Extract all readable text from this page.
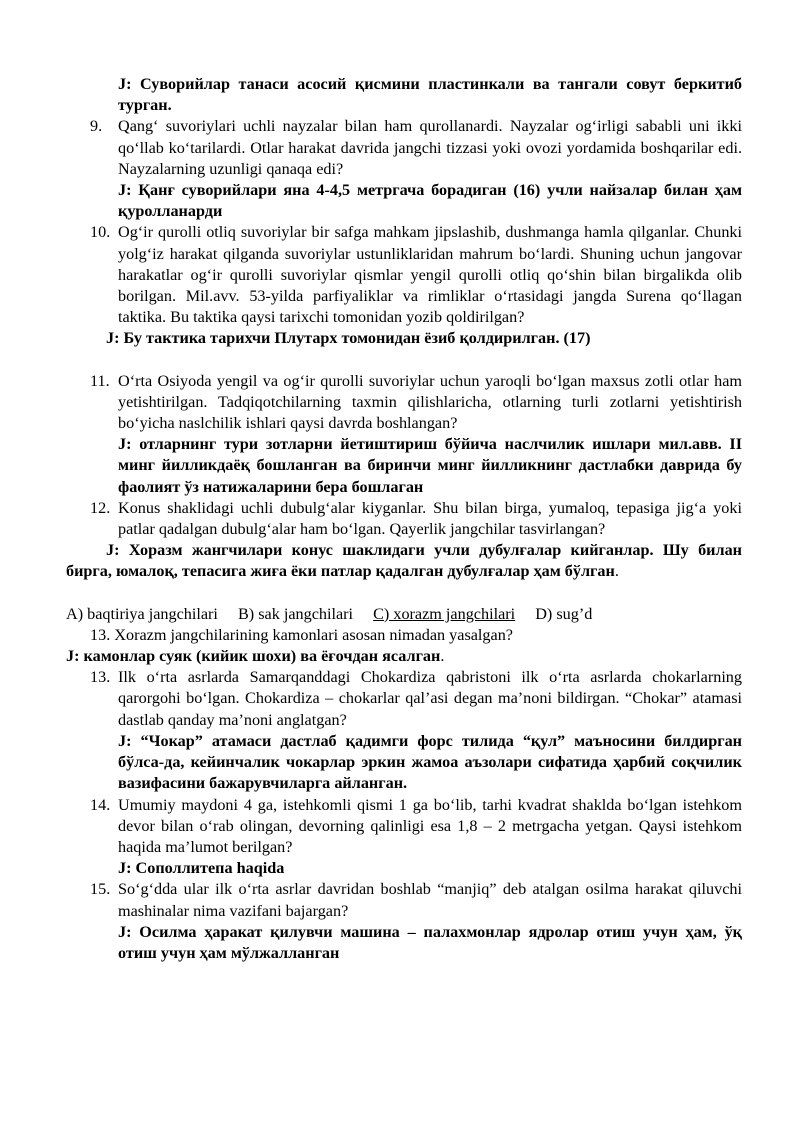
J: Суворийлар танаси асосий қисмини пластинкали ва тангали совут беркитиб турган.
9. Qang‘ suvoriylari uchli nayzalar bilan ham qurollanardi. Nayzalar og‘irligi sababli uni ikki qo‘llab ko‘tarilardi. Otlar harakat davrida jangchi tizzasi yoki ovozi yordamida boshqarilar edi. Nayzalarning uzunligi qanaqa edi?
J: Қанғ суворийлари яна 4-4,5 метргача борадиган (16) учли найзалар билан ҳам қуролланарди
10. Og‘ir qurolli otliq suvoriylar bir safga mahkam jipslashib, dushmanga hamla qilganlar. Chunki yolg‘iz harakat qilganda suvoriylar ustunliklaridan mahrum bo‘lardi. Shuning uchun jangovar harakatlar og‘ir qurolli suvoriylar qismlar yengil qurolli otliq qo‘shin bilan birgalikda olib borilgan. Mil.avv. 53-yilda parfiyaliklar va rimliklar o‘rtasidagi jangda Surena qo‘llagan taktika. Bu taktika qaysi tarixchi tomonidan yozib qoldirilgan?
J: Бу тактика тарихчи Плутарх томонидан ёзиб қолдирилган. (17)
11. O‘rta Osiyoda yengil va og‘ir qurolli suvoriylar uchun yaroqli bo‘lgan maxsus zotli otlar ham yetishtirilgan. Tadqiqotchilarning taxmin qilishlaricha, otlarning turli zotlarni yetishtirish bo‘yicha naslchilik ishlari qaysi davrda boshlangan?
J: отларнинг тури зотларни йетиштириш бўйича наслчилик ишлари мил.авв. II минг йилликдаёқ бошланган ва биринчи минг йилликнинг дастлабки даврида бу фаолият ўз натижаларини бера бошлаган
12. Konus shaklidagi uchli dubulg‘alar kiyganlar. Shu bilan birga, yumaloq, tepasiga jig‘a yoki patlar qadalgan dubulg‘alar ham bo‘lgan. Qayerlik jangchilar tasvirlangan?
J: Хоразм жангчилари конус шаклидаги учли дубулғалар кийганлар. Шу билан бирга, юмалоқ, тепасига жиға ёки патлар қадалган дубулғалар ҳам бўлган.
A) baqtiriya jangchilari B) sak jangchilari C) xorazm jangchilari D) sug’d
13. Xorazm jangchilarining kamonlari asosan nimadan yasalgan?
J: камонлар суяк (кийик шохи) ва ёғочдан ясалган.
13. Ilk o‘rta asrlarda Samarqanddagi Chokardiza qabristoni ilk o‘rta asrlarda chokarlarning qarorgohi bo‘lgan. Chokardiza – chokarlar qal’asi degan ma’noni bildirgan. “Chokar” atamasi dastlab qanday ma’noni anglatgan?
J: “Чокар” атамаси дастлаб қадимги форс тилида “қул” маъносини билдирган бўлса-да, кейинчалик чокарлар эркин жамоа аъзолари сифатида ҳарбий соқчилик вазифасини бажарувчиларга айланган.
14. Umumiy maydoni 4 ga, istehkomli qismi 1 ga bo‘lib, tarhi kvadrat shaklda bo‘lgan istehkom devor bilan o‘rab olingan, devorning qalinligi esa 1,8 – 2 metrgacha yetgan. Qaysi istehkom haqida ma’lumot berilgan?
J: Сополлитепа haqida
15. So‘g‘dda ular ilk o‘rta asrlar davridan boshlab “manjiq” deb atalgan osilma harakat qiluvchi mashinalar nima vazifani bajargan?
J: Осилма ҳаракат қилувчи машина – палахмонлар ядролар отиш учун ҳам, ўқ отиш учун ҳам мўлжалланган
